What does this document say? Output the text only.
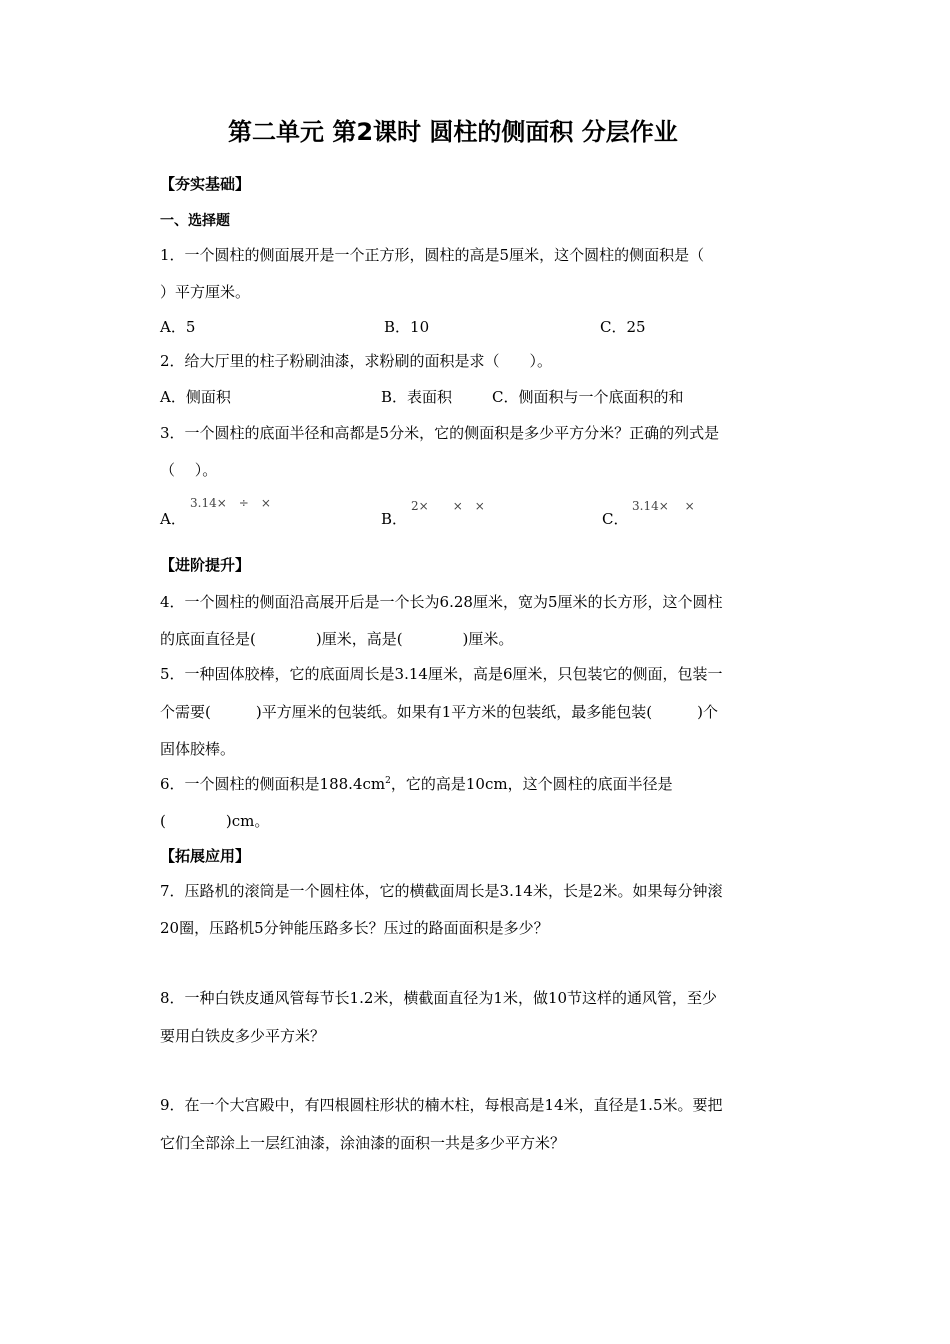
第二单元 第2课时 圆柱的侧面积 分层作业
【夯实基础】
一、选择题
1．一个圆柱的侧面展开是一个正方形，圆柱的高是5厘米，这个圆柱的侧面积是（
）平方厘米。
A．5	B．10	C．25
2．给大厅里的柱子粉刷油漆，求粉刷的面积是求（　　）。
A．侧面积	B．表面积	C．侧面积与一个底面积的和
3．一个圆柱的底面半径和高都是5分米，它的侧面积是多少平方分米？正确的列式是
（　 ）。
A．
3.14×　÷　×
B．
2×　　×　×
C．
3.14×　 ×
【进阶提升】
4．一个圆柱的侧面沿高展开后是一个长为6.28厘米，宽为5厘米的长方形，这个圆柱
的底面直径是(　　　　)厘米，高是(　　　　)厘米。
5．一种固体胶棒，它的底面周长是3.14厘米，高是6厘米，只包装它的侧面，包装一
个需要(　　　)平方厘米的包装纸。如果有1平方米的包装纸，最多能包装(　　　)个
固体胶棒。
6．一个圆柱的侧面积是$188.4cm^2$，它的高是10cm，这个圆柱的底面半径是
(　　　　)cm。
【拓展应用】
7．压路机的滚筒是一个圆柱体，它的横截面周长是3.14米，长是2米。如果每分钟滚
20圈，压路机5分钟能压路多长？压过的路面面积是多少？
8．一种白铁皮通风管每节长1.2米，横截面直径为1米，做10节这样的通风管，至少
要用白铁皮多少平方米？
9．在一个大宫殿中，有四根圆柱形状的楠木柱，每根高是14米，直径是1.5米。要把
它们全部涂上一层红油漆，涂油漆的面积一共是多少平方米？
